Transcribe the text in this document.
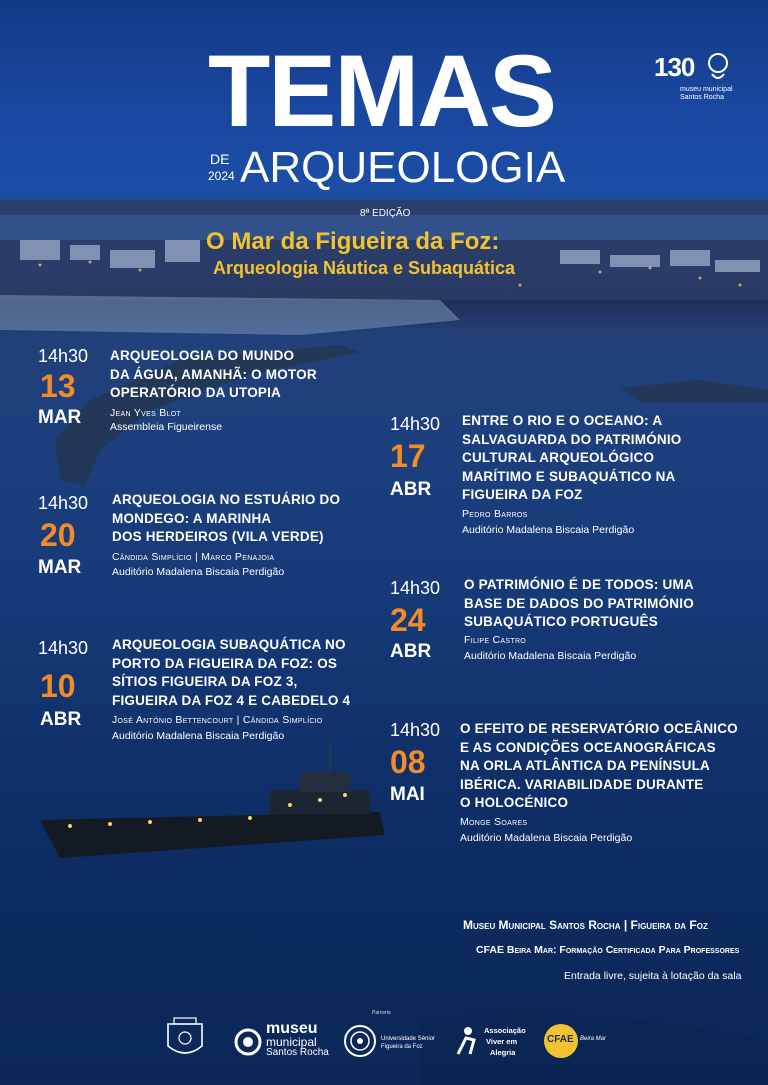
TEMAS
DE
2024 ARQUEOLOGIA
130
museu municipal
Santos Rocha
8ª EDIÇÃO
O Mar da Figueira da Foz:
Arqueologia Náutica e Subaquática
14h30
13
MAR
ARQUEOLOGIA DO MUNDO
DA ÁGUA, AMANHÃ: O MOTOR
OPERATÓRIO DA UTOPIA
Jean Yves Blot
Assembleia Figueirense
14h30
20
MAR
ARQUEOLOGIA NO ESTUÁRIO DO
MONDEGO: A MARINHA
DOS HERDEIROS (VILA VERDE)
Cândida Simplício | Marco Penajoia
Auditório Madalena Biscaia Perdigão
14h30
10
ABR
ARQUEOLOGIA SUBAQUÁTICA NO
PORTO DA FIGUEIRA DA FOZ: OS
SÍTIOS FIGUEIRA DA FOZ 3,
FIGUEIRA DA FOZ 4 E CABEDELO 4
José António Bettencourt | Cândida Simplício
Auditório Madalena Biscaia Perdigão
14h30
17
ABR
ENTRE O RIO E O OCEANO: A
SALVAGUARDA DO PATRIMÓNIO
CULTURAL ARQUEOLÓGICO
MARÍTIMO E SUBAQUÁTICO NA
FIGUEIRA DA FOZ
Pedro Barros
Auditório Madalena Biscaia Perdigão
14h30
24
ABR
O PATRIMÓNIO É DE TODOS: UMA
BASE DE DADOS DO PATRIMÓNIO
SUBAQUÁTICO PORTUGUÊS
Filipe Castro
Auditório Madalena Biscaia Perdigão
14h30
08
MAI
O EFEITO DE RESERVATÓRIO OCEÂNICO
E AS CONDIÇÕES OCEANOGRÁFICAS
NA ORLA ATLÂNTICA DA PENÍNSULA
IBÉRICA. VARIABILIDADE DURANTE
O HOLOCÉNICO
Monge Soares
Auditório Madalena Biscaia Perdigão
Museu Municipal Santos Rocha | Figueira da Foz
CFAE Beira Mar: Formação Certificada Para Professores
Entrada livre, sujeita à lotação da sala
Parceria
museu
municipal
Santos Rocha
Universidade Sénior
Figueira da Foz
Associação
Viver em
Alegria
CFAE Beira Mar
